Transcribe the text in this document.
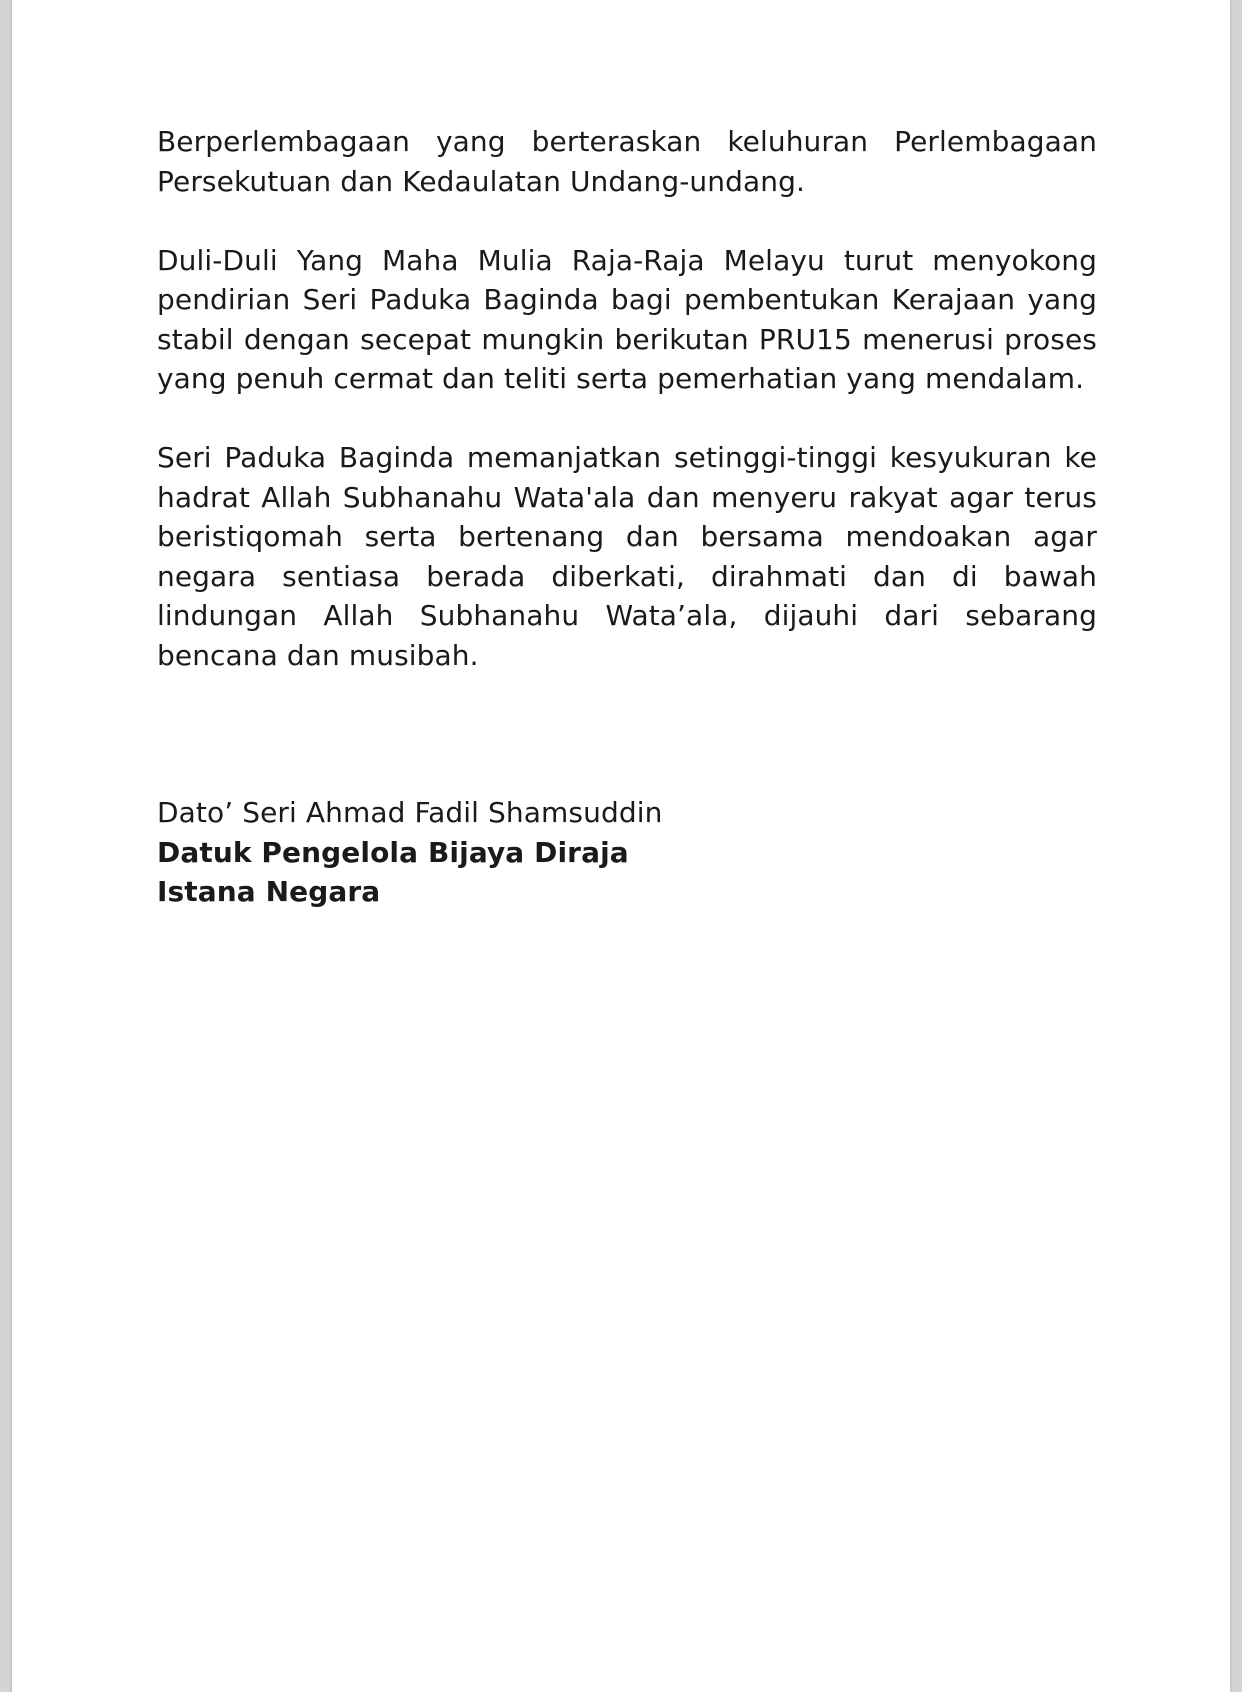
Berperlembagaan yang berteraskan keluhuran Perlembagaan Persekutuan dan Kedaulatan Undang-undang.

Duli-Duli Yang Maha Mulia Raja-Raja Melayu turut menyokong pendirian Seri Paduka Baginda bagi pembentukan Kerajaan yang stabil dengan secepat mungkin berikutan PRU15 menerusi proses yang penuh cermat dan teliti serta pemerhatian yang mendalam.

Seri Paduka Baginda memanjatkan setinggi-tinggi kesyukuran ke hadrat Allah Subhanahu Wata'ala dan menyeru rakyat agar terus beristiqomah serta bertenang dan bersama mendoakan agar negara sentiasa berada diberkati, dirahmati dan di bawah lindungan Allah Subhanahu Wata’ala, dijauhi dari sebarang bencana dan musibah.

Dato’ Seri Ahmad Fadil Shamsuddin
Datuk Pengelola Bijaya Diraja
Istana Negara
